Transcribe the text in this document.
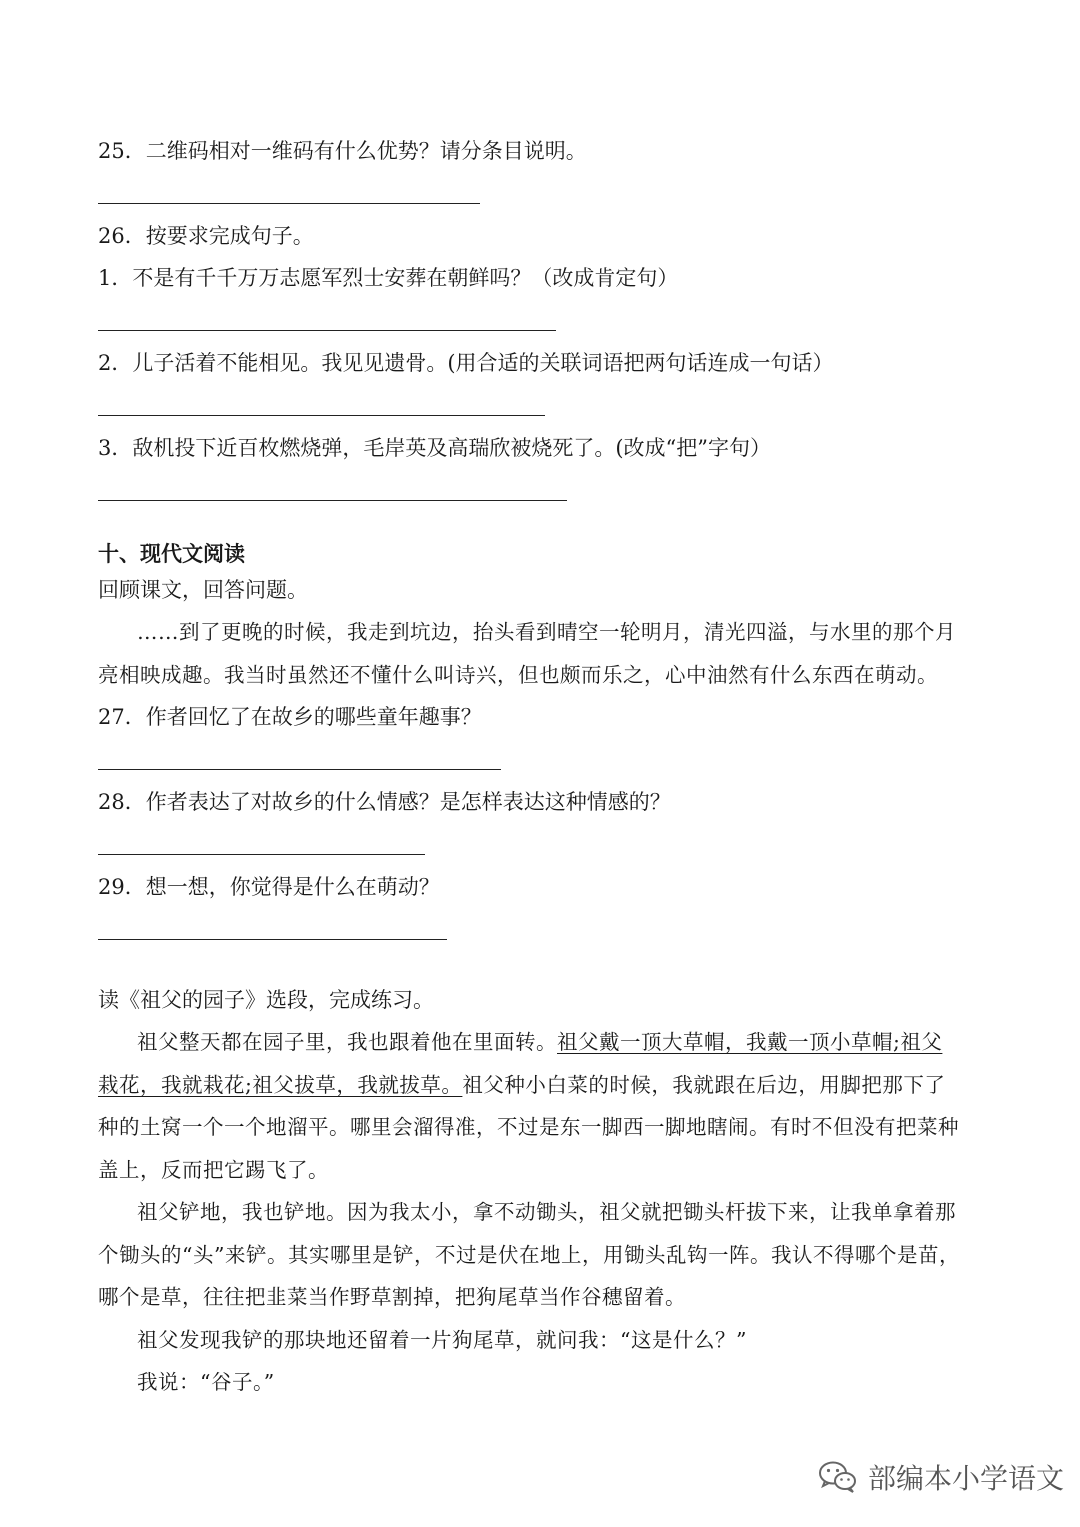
25．二维码相对一维码有什么优势？请分条目说明。
26．按要求完成句子。
1．不是有千千万万志愿军烈士安葬在朝鲜吗？（改成肯定句）
2．儿子活着不能相见。我见见遗骨。(用合适的关联词语把两句话连成一句话）
3．敌机投下近百枚燃烧弹，毛岸英及高瑞欣被烧死了。(改成“把”字句）
十、现代文阅读
回顾课文，回答问题。
……到了更晚的时候，我走到坑边，抬头看到晴空一轮明月，清光四溢，与水里的那个月
亮相映成趣。我当时虽然还不懂什么叫诗兴，但也颇而乐之，心中油然有什么东西在萌动。
27．作者回忆了在故乡的哪些童年趣事？
28．作者表达了对故乡的什么情感？是怎样表达这种情感的？
29．想一想，你觉得是什么在萌动？
读《祖父的园子》选段，完成练习。
祖父整天都在园子里，我也跟着他在里面转。祖父戴一顶大草帽，我戴一顶小草帽;祖父
栽花，我就栽花;祖父拔草，我就拔草。祖父种小白菜的时候，我就跟在后边，用脚把那下了
种的土窝一个一个地溜平。哪里会溜得准，不过是东一脚西一脚地瞎闹。有时不但没有把菜种
盖上，反而把它踢飞了。
祖父铲地，我也铲地。因为我太小，拿不动锄头，祖父就把锄头杆拔下来，让我单拿着那
个锄头的“头”来铲。其实哪里是铲，不过是伏在地上，用锄头乱钩一阵。我认不得哪个是苗，
哪个是草，往往把韭菜当作野草割掉，把狗尾草当作谷穗留着。
祖父发现我铲的那块地还留着一片狗尾草，就问我：“这是什么？”
我说：“谷子。”
部编本小学语文
